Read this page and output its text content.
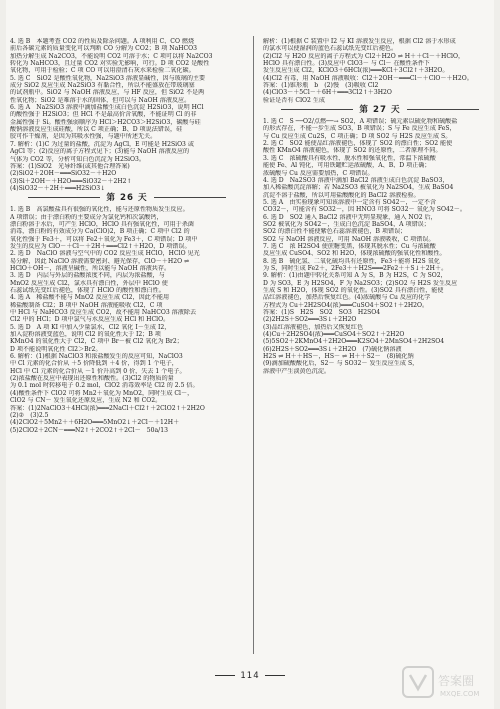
4. 选 B　本题考查 CO2 的性质及除杂问题。A 项利用 C、CO 燃烧
前后各碳元素的质量变化可以判断 CO 分解为 CO2；B 项 NaHCO3
加热分解生成 Na2CO3，不能说明 CO2 可溶于水；C 项可以将 Na2CO3
转化为 NaHCO3，且过量 CO2 对实验无影响，可行。D 项 CO2 是酸性
氧化物，可用于检验；C 项 CO 可以用澄清石灰水来检验二氧化碳。
5. 选 C　SiO2 是酸性氧化物，Na2SiO3 溶液显碱性，因与玻璃的主要
成分 SiO2 反应生成 Na2SiO3 有黏合性，所以不能盛放在带玻璃塞
的试剂瓶中。SiO2 与 NaOH 溶液反应，与 HF 反应，但 SiO2 不是两
性氧化物；SiO2 是难溶于水的固体，但可以与 NaOH 溶液反应。
6. 选 A　Na2SiO3 溶液中滴加盐酸生成白色沉淀 H2SiO3，说明 HCl
的酸性强于 H2SiO3；但 HCl 不是最高价含氧酸，不能证明 Cl 的非
金属性强于 Si。酸性强弱顺序为 HCl＞H2CO3＞H2SiO3，碳酸与硅
酸钠溶液反应生成硅酸，所以 C 项正确；B、D 项说法错误，硅
胶可作干燥剂，是因为其吸水性强，与题中所述无关。
7. 解析：(1)C 为过量的盐酸，沉淀为 AgCl，E 可能是 H2SiO3 或
AgCl 等；(2)反应的离子方程式见下；(3)能与 NaOH 溶液反应的
气体为 CO2 等，分析可知白色沉淀为 H2SiO3。
答案：(1)SiO2　光导纤维(或其他合理答案)
(2)SiO2＋2OH－═══SiO32－＋H2O
(3)Si＋2OH－＋H2O═══SiO32－＋2H2↑
(4)SiO32－＋2H＋═══H2SiO3↓
第 26 天
1. 选 B　高氯酸盐具有很强的氧化性，能与还原性物质发生反应。
A 项错误；由于漂白粉的主要成分为氯化钙和次氯酸钙，
漂白粉溶于水后，可产生 HClO，HClO 具有强氧化性，可用于杀菌
消毒，漂白粉的有效成分为 Ca(ClO)2，B 项正确；C 项中 Cl2 的
氧化性强于 Fe3＋，可以将 Fe2＋氧化为 Fe3＋，C 项错误；D 项中
发生的反应为 ClO－＋Cl－＋2H＋═══Cl2↑＋H2O，D 项错误。
2. 选 D　NaClO 溶液与空气中的 CO2 反应生成 HClO，HClO 见光
易分解，因此 NaClO 溶液需要密封、避光保存，ClO－＋H2O ⇌
HClO＋OH－，溶液呈碱性，所以能与 NaOH 溶液共存。
3. 选 D　内层与外层的盐酸浓度不同，内层为浓盐酸，与
MnO2 反应生成 Cl2，氯水具有漂白性，外层中 HClO 使
石蕊试纸先变红后褪色，体现了 HClO 的酸性和漂白性。
4. 选 A　稀盐酸不能与 MnO2 反应生成 Cl2，因此不能用
稀盐酸制备 Cl2；B 项中 NaOH 溶液能吸收 Cl2，C 项
中 HCl 与 NaHCO3 反应生成 CO2，故不能用 NaHCO3 溶液除去
Cl2 中的 HCl；D 项中氯气与水反应生成 HCl 和 HClO。
5. 选 D　A 项 KI 中加入少量氯水，Cl2 氧化 I－生成 I2，
加入淀粉溶液变蓝色，说明 Cl2 的氧化性大于 I2；B 项
KMnO4 的氧化性大于 Cl2，C 项中 Br－被 Cl2 氧化为 Br2；
D 项不能说明氧化性 Cl2＞Br2。
6. 解析：(1)根据 NaClO3 和浓盐酸发生的反应可知，NaClO3
中 Cl 元素的化合价从 ＋5 价降低到 ＋4 价，得到 1 个电子，
HCl 中 Cl 元素的化合价从 －1 价升高到 0 价，失去 1 个电子。
(2)浓盐酸在反应中表现出还原性和酸性。(3)Cl2 的物质的量
为 0.1 mol 时转移电子 0.2 mol，ClO2 消毒效率是 Cl2 的 2.5 倍。
(4)酸性条件下 ClO2 可将 Mn2＋氧化为 MnO2，同时生成 Cl－，
ClO2 与 CN－ 发生氧化还原反应，生成 N2 和 CO2。
答案：(1)2NaClO3＋4HCl(浓)═══2NaCl＋Cl2↑＋2ClO2↑＋2H2O
(2)②　(3)2.5
(4)2ClO2＋5Mn2＋＋6H2O═══5MnO2↓＋2Cl－＋12H＋
(5)2ClO2＋2CN－═══N2↑＋2CO2↑＋2Cl－　50a/13
解析：(1)根据 C 装置中 I2 与 KI 溶液发生反应，根据 Cl2 溶于水形成
的氯水可以使湿润的蓝色石蕊试纸先变红后褪色。
(2)Cl2 与 H2O 反应的离子方程式为 Cl2＋H2O ⇌ H＋＋Cl－＋HClO，
HClO 具有漂白性。(3)反应中 ClO3－ 与 Cl－ 在酸性条件下
发生反应生成 Cl2，KClO3＋6HCl(浓)═══KCl＋3Cl2↑＋3H2O。
(4)Cl2 有毒，用 NaOH 溶液吸收：Cl2＋2OH－═══Cl－＋ClO－＋H2O。
答案：(1)锥形瓶　b　(2)慢　(3)吸收 Cl2
(4)ClO3－＋5Cl－＋6H＋═══3Cl2↑＋3H2O
验证是否有 ClO2 生成
第 27 天
1. 选 C　S ──O2/点燃──→ SO2，A 项错误；硫元素以硫化物和硫酸盐
的形式存在，不能一步生成 SO3，B 项错误；S 与 Fe 反应生成 FeS，
与 Cu 反应生成 Cu2S，C 项正确；D 项 SO2 与 H2S 反应生成 S。
2. 选 C　SO2 能使品红溶液褪色，体现了 SO2 的漂白性；SO2 能使
酸性 KMnO4 溶液褪色，体现了 SO2 的还原性，二者原理不同。
3. 选 C　浓硫酸具有吸水性、脱水性和强氧化性，常温下浓硫酸
能使 Fe、Al 钝化，可用铁罐贮运浓硫酸，A、B、D 项正确；
浓硫酸与 Cu 反应需要加热，C 项错误。
4. 选 D　Na2SO3 溶液中滴加 BaCl2 溶液生成白色沉淀 BaSO3，
加入稀盐酸沉淀溶解；若 Na2SO3 被氧化为 Na2SO4，生成 BaSO4
沉淀不溶于盐酸，所以可用盐酸酸化的 BaCl2 溶液检验。
5. 选 A　由实验现象可知该溶液中一定含有 SO42－，一定不含
CO32－，可能含有 SO32－，因 HNO3 可将 SO32－ 氧化为 SO42－。
6. 选 D　SO2 通入 BaCl2 溶液中无明显现象，通入 NO2 后，
SO2 被氧化为 SO42－，生成白色沉淀 BaSO4，A 项错误；
SO2 的漂白性不能使紫色石蕊溶液褪色，B 项错误；
SO2 与 NaOH 溶液反应，可用 NaOH 溶液吸收，C 项错误。
7. 选 C　浓 H2SO4 使蔗糖变黑，体现其脱水性；Cu 与浓硫酸
反应生成 CuSO4、SO2 和 H2O，体现浓硫酸的强氧化性和酸性。
8. 选 B　硫化氢、二氧化硫均具有还原性，Fe3＋能将 H2S 氧化
为 S，同时生成 Fe2＋，2Fe3＋＋H2S═══2Fe2＋＋S↓＋2H＋。
9. 解析：(1)由题中转化关系可知 A 为 S，B 为 H2S，C 为 SO2，
D 为 SO3，E 为 H2SO4，F 为 Na2SO3；(2)SO2 与 H2S 发生反应
生成 S 和 H2O，体现 SO2 的氧化性。(3)SO2 具有漂白性，能使
品红溶液褪色，加热后恢复红色。(4)浓硫酸与 Cu 反应的化学
方程式为 Cu＋2H2SO4(浓)═══CuSO4＋SO2↑＋2H2O。
答案：(1)S　H2S　SO2　SO3　H2SO4
(2)2H2S＋SO2═══3S↓＋2H2O
(3)品红溶液褪色，加热后又恢复红色
(4)Cu＋2H2SO4(浓)═══CuSO4＋SO2↑＋2H2O
(5)5SO2＋2KMnO4＋2H2O═══K2SO4＋2MnSO4＋2H2SO4
(6)2H2S＋SO2═══3S↓＋2H2O　(7)硫化钠溶液
H2S ⇌ H＋＋HS－，HS－ ⇌ H＋＋S2－　(8)硫化钠
(9)滴加硫酸酸化后，S2－ 与 SO32－ 发生反应生成 S，
溶液中产生淡黄色沉淀。
114	答案圈
MXQE.COM
